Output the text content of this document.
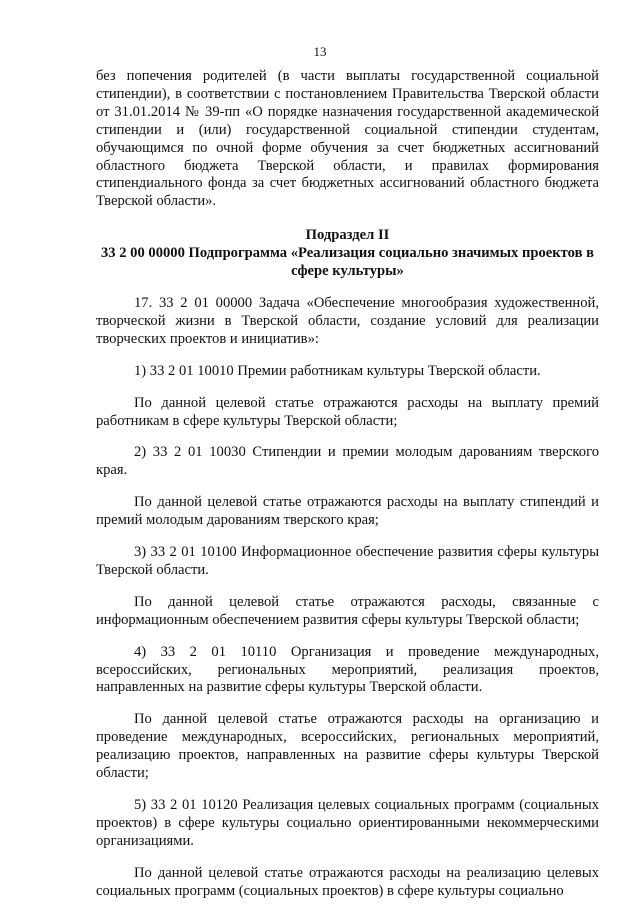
13

без попечения родителей (в части выплаты государственной социальной стипендии), в соответствии с постановлением Правительства Тверской области от 31.01.2014 № 39-пп «О порядке назначения государственной академической стипендии и (или) государственной социальной стипендии студентам, обучающимся по очной форме обучения за счет бюджетных ассигнований областного бюджета Тверской области, и правилах формирования стипендиального фонда за счет бюджетных ассигнований областного бюджета Тверской области».

Подраздел II

33 2 00 00000 Подпрограмма «Реализация социально значимых проектов в сфере культуры»

17. 33 2 01 00000 Задача «Обеспечение многообразия художественной, творческой жизни в Тверской области, создание условий для реализации творческих проектов и инициатив»:

1) 33 2 01 10010 Премии работникам культуры Тверской области.

По данной целевой статье отражаются расходы на выплату премий работникам в сфере культуры Тверской области;

2) 33 2 01 10030 Стипендии и премии молодым дарованиям тверского края.

По данной целевой статье отражаются расходы на выплату стипендий и премий молодым дарованиям тверского края;

3) 33 2 01 10100 Информационное обеспечение развития сферы культуры Тверской области.

По данной целевой статье отражаются расходы, связанные с информационным обеспечением развития сферы культуры Тверской области;

4) 33 2 01 10110 Организация и проведение международных, всероссийских, региональных мероприятий, реализация проектов, направленных на развитие сферы культуры Тверской области.

По данной целевой статье отражаются расходы на организацию и проведение международных, всероссийских, региональных мероприятий, реализацию проектов, направленных на развитие сферы культуры Тверской области;

5) 33 2 01 10120 Реализация целевых социальных программ (социальных проектов) в сфере культуры социально ориентированными некоммерческими организациями.

По данной целевой статье отражаются расходы на реализацию целевых социальных программ (социальных проектов) в сфере культуры социально
